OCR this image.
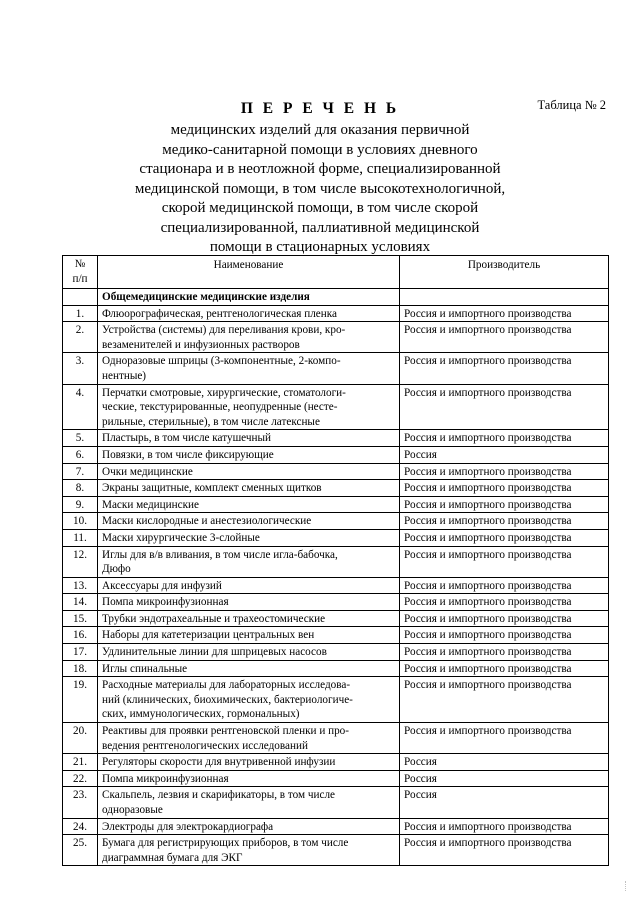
Таблица № 2
П Е Р Е Ч Е Н Ь
медицинских изделий для оказания первичной
медико-санитарной помощи в условиях дневного
стационара и в неотложной форме, специализированной
медицинской помощи, в том числе высокотехнологичной,
скорой медицинской помощи, в том числе скорой
специализированной, паллиативной медицинской
помощи в стационарных условиях
№
п/п	Наименование	Производитель
	Общемедицинские медицинские изделия	
1.	Флюорографическая, рентгенологическая пленка	Россия и импортного производства
2.	Устройства (системы) для переливания крови, кро-
везаменителей и инфузионных растворов	Россия и импортного производства
3.	Одноразовые шприцы (3-компонентные, 2-компо-
нентные)	Россия и импортного производства
4.	Перчатки смотровые, хирургические, стоматологи-
ческие, текстурированные, неопудренные (несте-
рильные, стерильные), в том числе латексные	Россия и импортного производства
5.	Пластырь, в том числе катушечный	Россия и импортного производства
6.	Повязки, в том числе фиксирующие	Россия
7.	Очки медицинские	Россия и импортного производства
8.	Экраны защитные, комплект сменных щитков	Россия и импортного производства
9.	Маски медицинские	Россия и импортного производства
10.	Маски кислородные и анестезиологические	Россия и импортного производства
11.	Маски хирургические 3-слойные	Россия и импортного производства
12.	Иглы для в/в вливания, в том числе игла-бабочка,
Дюфо	Россия и импортного производства
13.	Аксессуары для инфузий	Россия и импортного производства
14.	Помпа микроинфузионная	Россия и импортного производства
15.	Трубки эндотрахеальные и трахеостомические	Россия и импортного производства
16.	Наборы для катетеризации центральных вен	Россия и импортного производства
17.	Удлинительные линии для шприцевых насосов	Россия и импортного производства
18.	Иглы спинальные	Россия и импортного производства
19.	Расходные материалы для лабораторных исследова-
ний (клинических, биохимических, бактериологиче-
ских, иммунологических, гормональных)	Россия и импортного производства
20.	Реактивы для проявки рентгеновской пленки и про-
ведения рентгенологических исследований	Россия и импортного производства
21.	Регуляторы скорости для внутривенной инфузии	Россия
22.	Помпа микроинфузионная	Россия
23.	Скальпель, лезвия и скарификаторы, в том числе
одноразовые	Россия
24.	Электроды для электрокардиографа	Россия и импортного производства
25.	Бумага для регистрирующих приборов, в том числе
диаграммная бумага для ЭКГ	Россия и импортного производства
